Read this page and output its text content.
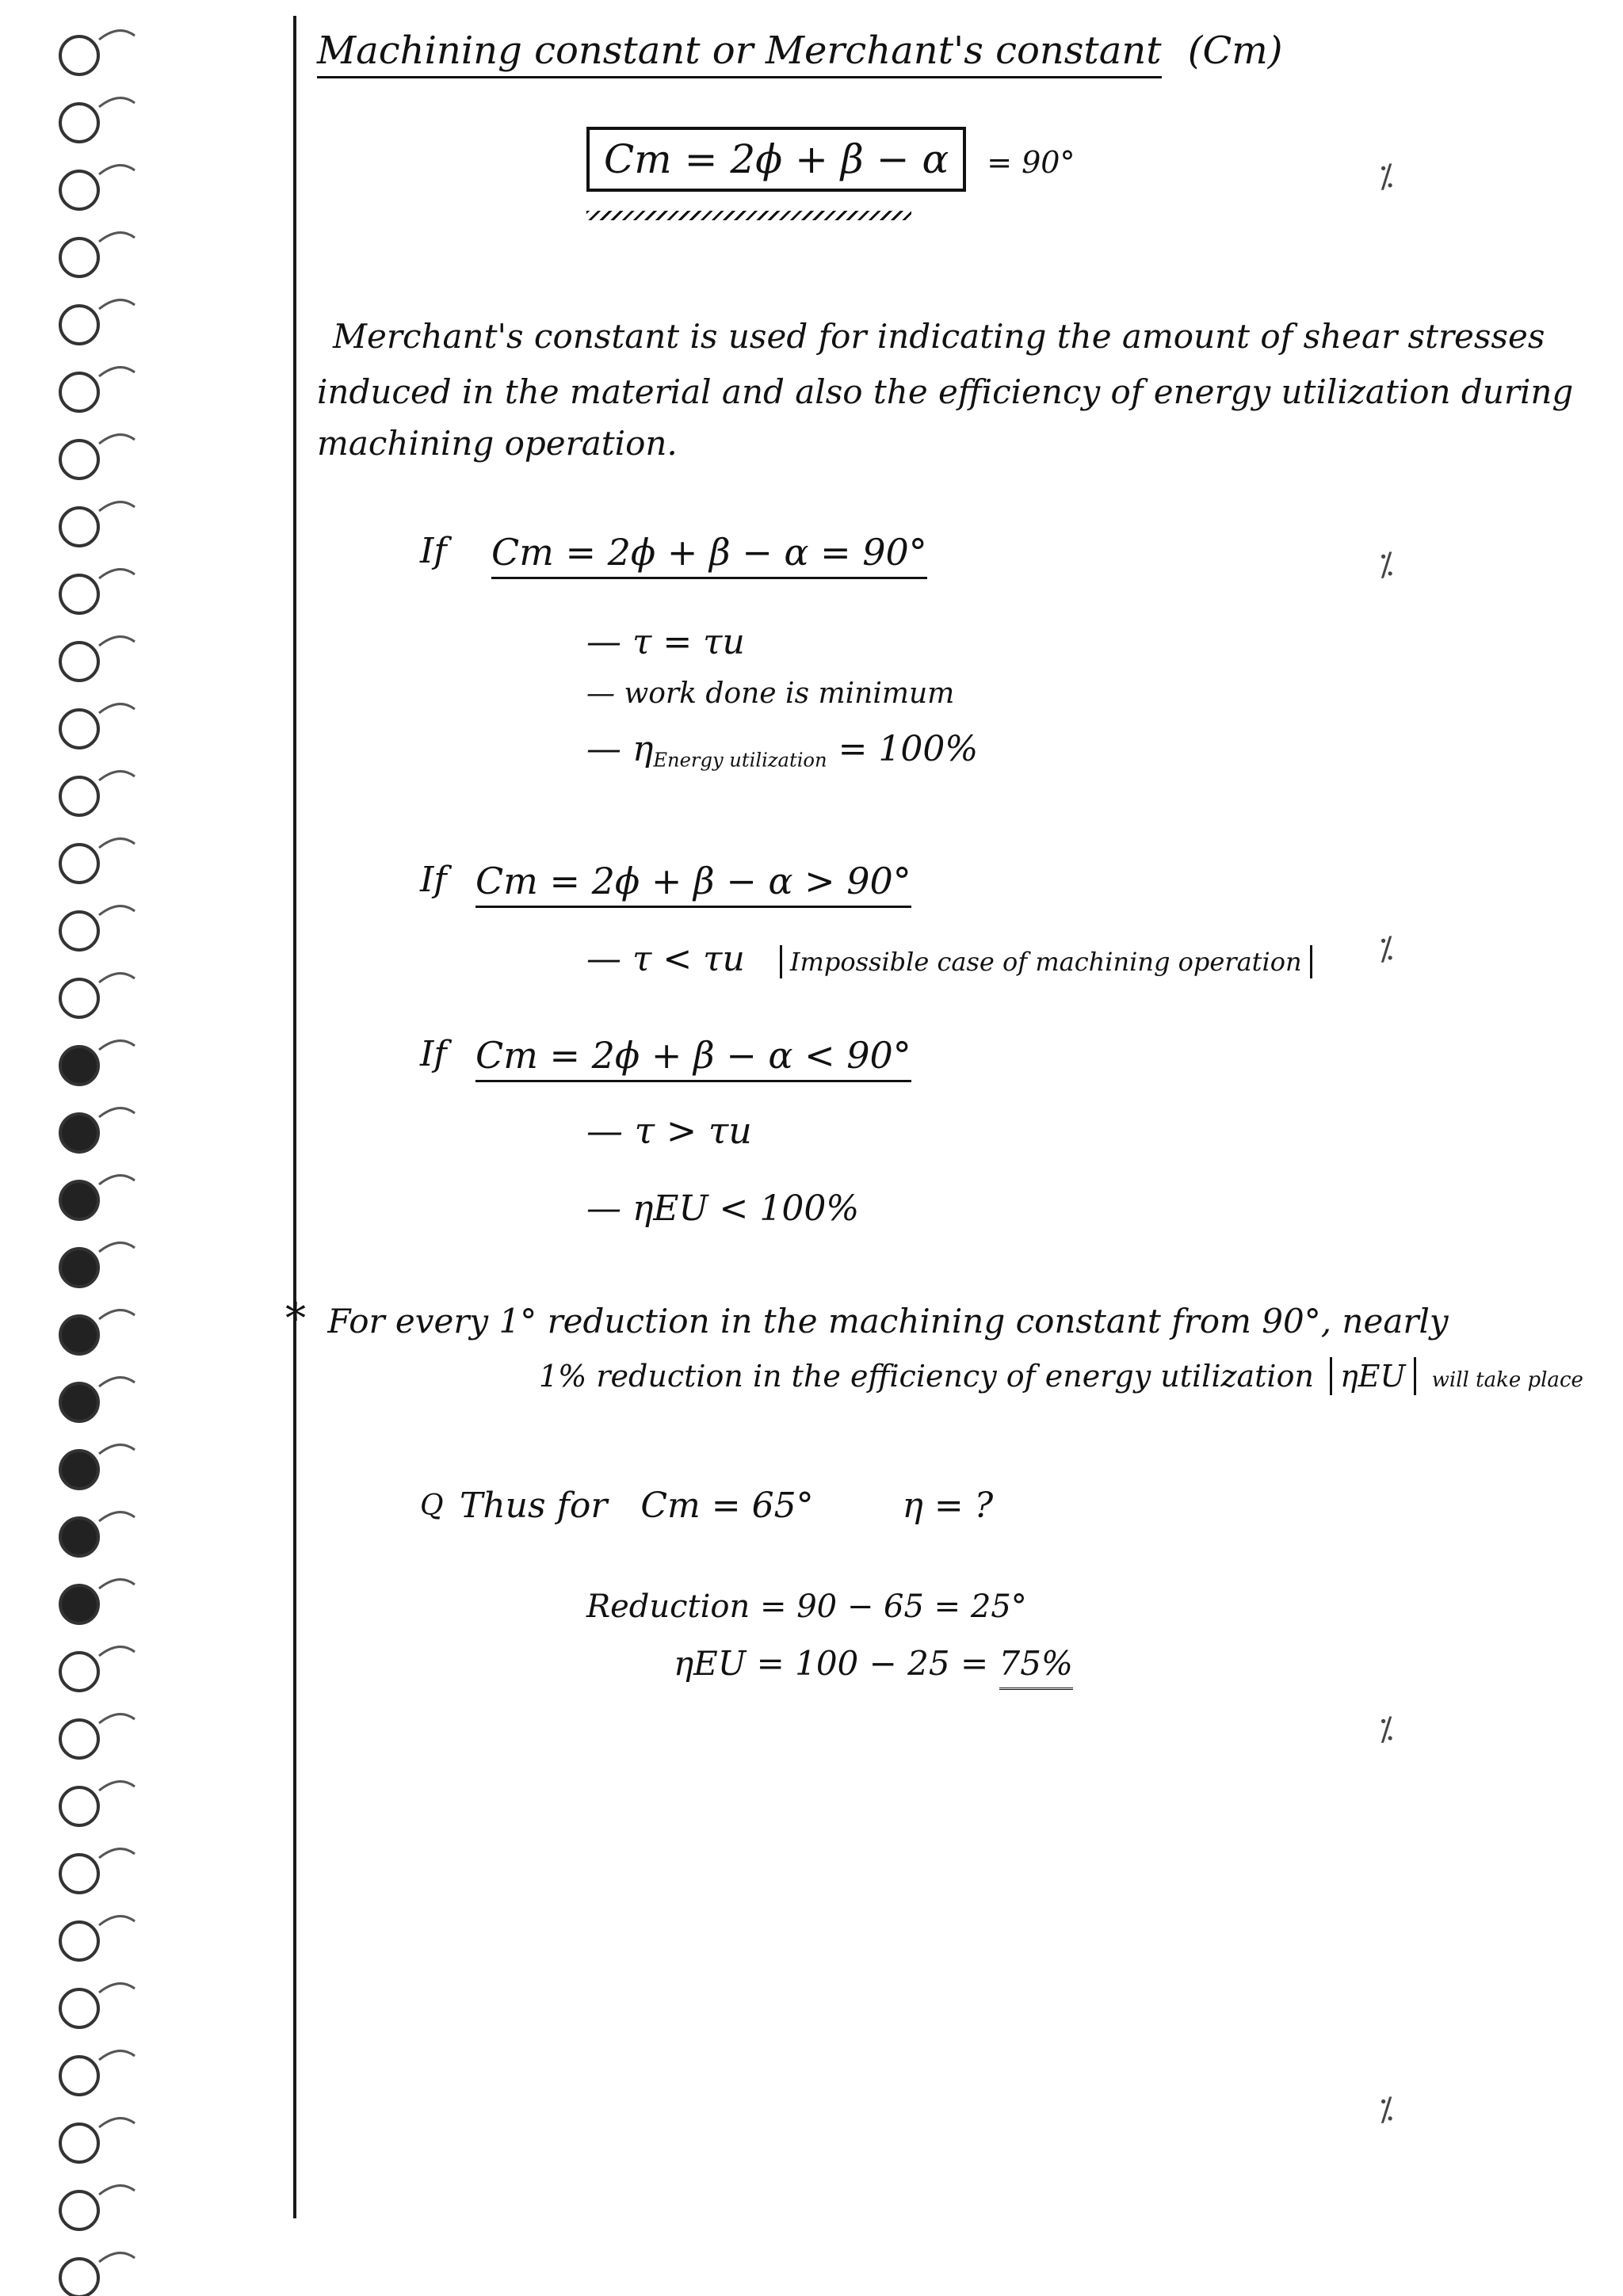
Machining constant or Merchant's constant (Cm)
Cm = 2ϕ + β − α = 90°
Merchant's constant is used for indicating the amount of shear stresses
induced in the material and also the efficiency of energy utilization during
machining operation.
If Cm = 2ϕ + β − α = 90°
— τ = τu
— work done is minimum
— $\eta_{Energy utilization} = 100\%$
If Cm = 2ϕ + β − α > 90°
— τ < τu Impossible case of machining operation
If Cm = 2ϕ + β − α < 90°
— τ > τu
— ηEU < 100%
* For every 1° reduction in the machining constant from 90°, nearly
1% reduction in the efficiency of energy utilization ηEU will take place
Q Thus for   Cm = 65°        η = ?
Reduction = 90 − 65 = 25°
ηEU = 100 − 25 = 75%
⁒
⁒
⁒
⁒
⁒
